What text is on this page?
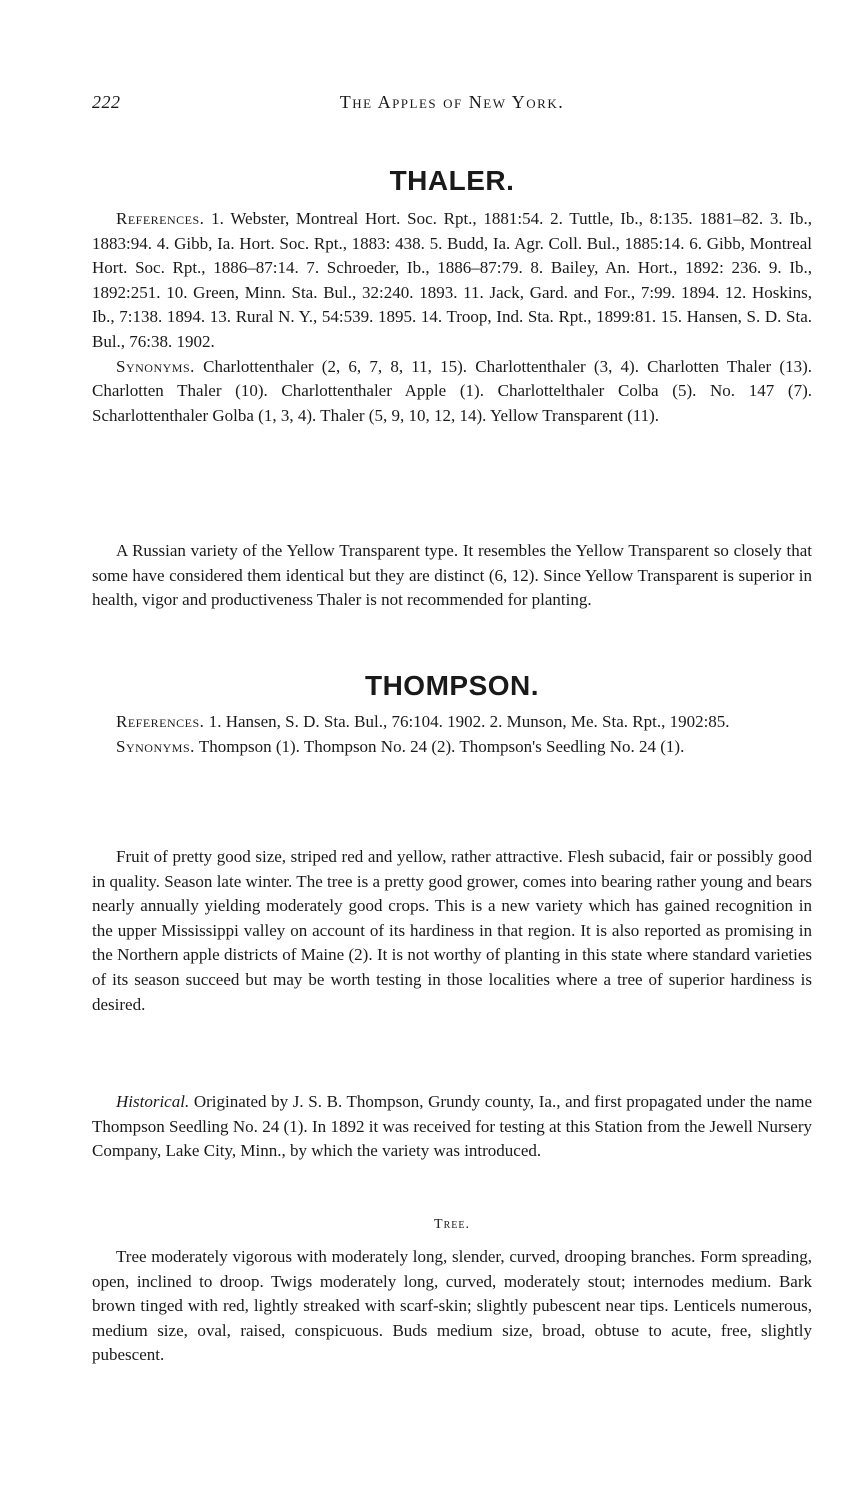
222	The Apples of New York.
THALER.

References. 1. Webster, Montreal Hort. Soc. Rpt., 1881:54. 2. Tuttle, Ib., 8:135. 1881–82. 3. Ib., 1883:94. 4. Gibb, Ia. Hort. Soc. Rpt., 1883: 438. 5. Budd, Ia. Agr. Coll. Bul., 1885:14. 6. Gibb, Montreal Hort. Soc. Rpt., 1886–87:14. 7. Schroeder, Ib., 1886–87:79. 8. Bailey, An. Hort., 1892: 236. 9. Ib., 1892:251. 10. Green, Minn. Sta. Bul., 32:240. 1893. 11. Jack, Gard. and For., 7:99. 1894. 12. Hoskins, Ib., 7:138. 1894. 13. Rural N. Y., 54:539. 1895. 14. Troop, Ind. Sta. Rpt., 1899:81. 15. Hansen, S. D. Sta. Bul., 76:38. 1902.

Synonyms. Charlottenthaler (2, 6, 7, 8, 11, 15). Charlottenthaler (3, 4). Charlotten Thaler (13). Charlotten Thaler (10). Charlottenthaler Apple (1). Charlottelthaler Colba (5). No. 147 (7). Scharlottenthaler Golba (1, 3, 4). Thaler (5, 9, 10, 12, 14). Yellow Transparent (11).

A Russian variety of the Yellow Transparent type. It resembles the Yellow Transparent so closely that some have considered them identical but they are distinct (6, 12). Since Yellow Transparent is superior in health, vigor and productiveness Thaler is not recommended for planting.

THOMPSON.

References. 1. Hansen, S. D. Sta. Bul., 76:104. 1902. 2. Munson, Me. Sta. Rpt., 1902:85.

Synonyms. Thompson (1). Thompson No. 24 (2). Thompson's Seedling No. 24 (1).

Fruit of pretty good size, striped red and yellow, rather attractive. Flesh subacid, fair or possibly good in quality. Season late winter. The tree is a pretty good grower, comes into bearing rather young and bears nearly annually yielding moderately good crops. This is a new variety which has gained recognition in the upper Mississippi valley on account of its hardiness in that region. It is also reported as promising in the Northern apple districts of Maine (2). It is not worthy of planting in this state where standard varieties of its season succeed but may be worth testing in those localities where a tree of superior hardiness is desired.

Historical. Originated by J. S. B. Thompson, Grundy county, Ia., and first propagated under the name Thompson Seedling No. 24 (1). In 1892 it was received for testing at this Station from the Jewell Nursery Company, Lake City, Minn., by which the variety was introduced.

Tree.

Tree moderately vigorous with moderately long, slender, curved, drooping branches. Form spreading, open, inclined to droop. Twigs moderately long, curved, moderately stout; internodes medium. Bark brown tinged with red, lightly streaked with scarf-skin; slightly pubescent near tips. Lenticels numerous, medium size, oval, raised, conspicuous. Buds medium size, broad, obtuse to acute, free, slightly pubescent.
